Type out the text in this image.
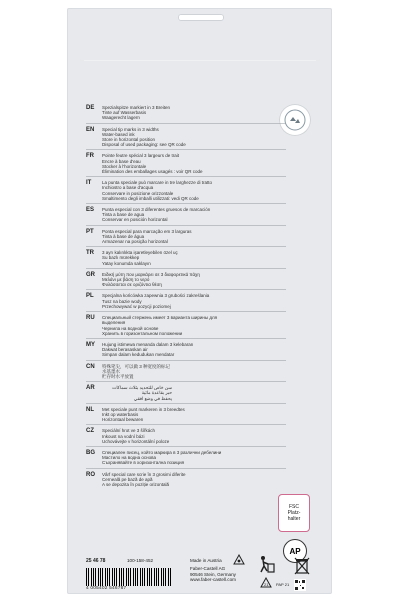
DE	Spezialspitze markiert in 3 Breiten
Tinte auf Wasserbasis
Waagerecht lagern
EN	Special tip marks in 3 widths
Water-based ink
Store in horizontal position
Disposal of used packaging: see QR code
FR	Pointe feutre spécial 3 largeurs de trait
Encre à base d'eau
Stocker à l'horizontale
Élimination des emballages usagés : voir QR code
IT	La punta speciale può marcare in tre larghezze di tratto
Inchiostro a base d'acqua
Conservare in posizione orizzontale
Smaltimento degli imballi utilizzati: vedi QR code
ES	Punta especial con 3 diferentes gruesos de marcación
Tinta a base de agua
Conservar en posición horizontal
PT	Ponta especial para marcação em 3 larguras
Tinta à base de água
Armazenar na posição horizontal
TR	3 ayrı kalınlıkta işaretleyebilen özel uç
Su bazlı mürekkep
Yatay konumda saklayın
GR	Ειδική μύτη που μαρκάρει σε 3 διαφορετικά πάχη
Μελάνι με βάση το νερό
Φυλάσσεται σε οριζόντια θέση
PL	Specjalna końcówka zapewnia 3 grubości zakreślania
Tusz na bazie wody
Przechowywać w pozycji poziomej
RU	Специальный стержень имеет 3 варианта ширины для
выделения
Чернила на водной основе
Хранить в горизонтальном положении
MY	Hujung istimewa menanda dalam 3 kelebaran
Dakwat berasaskan air
Simpan dalam kedudukan mendatar
CN	特殊笔尖，可以做 3 种宽度的标记
水基墨水
贮存时水平放置
AR	سن خاص للتحديد بثلاث سماكات
حبر بقاعدة مائية
يحفظ في وضع أفقي
NL	Met speciale punt markeren in 3 breedtes
Inkt op waterbasis
Horizontaal bewaren
CZ	Speciální hrot ve 3 šířkách
Inkoust na vodní bázi
Uchovávejte v horizontální poloze
BG	Специален писец, който маркира в 3 различни дебелини
Мастило на водна основа
Съхранявайте в хоризонтална позиция
RO	Vârf special care scrie în 3 grosimi diferite
Cerneală pe bază de apă
A se depozita în poziție orizontală
FSC
Platz-
halter
AP
25 46 78	100-158-452	Made in Austria
Faber-Castell AG
90546 Stein, Germany
www.faber-castell.com
4 005402 546787
21 PAP 21
